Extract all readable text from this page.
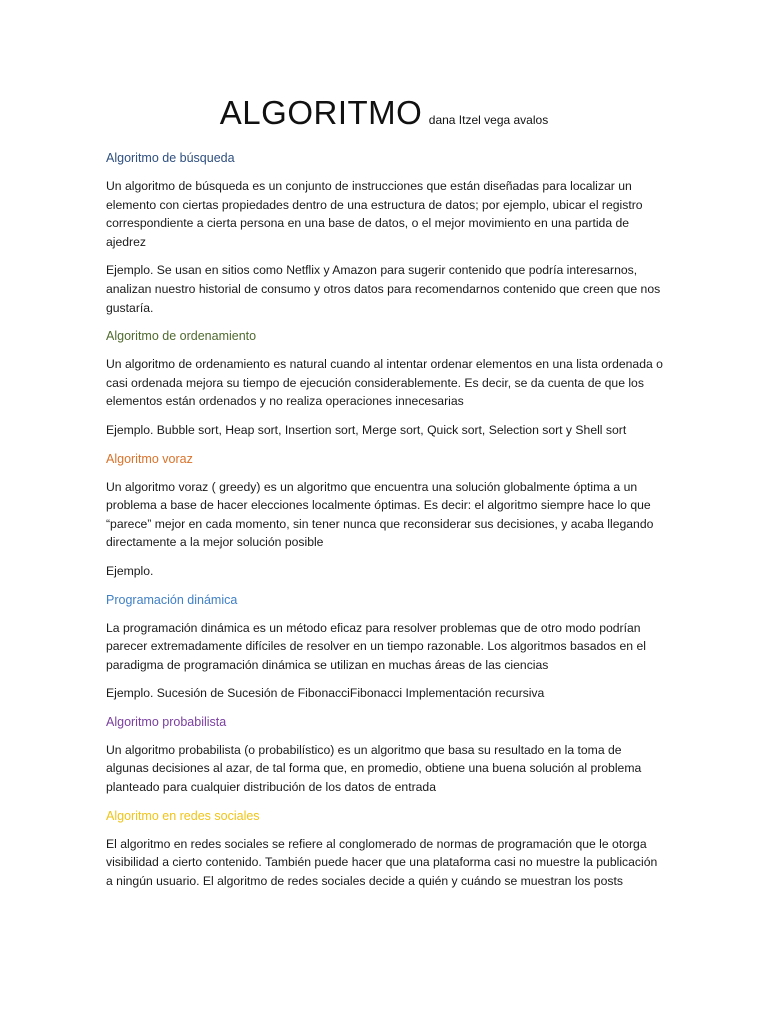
ALGORITMO dana Itzel vega avalos
Algoritmo de búsqueda

Un algoritmo de búsqueda es un conjunto de instrucciones que están diseñadas para localizar un elemento con ciertas propiedades dentro de una estructura de datos; por ejemplo, ubicar el registro correspondiente a cierta persona en una base de datos, o el mejor movimiento en una partida de ajedrez

Ejemplo. Se usan en sitios como Netflix y Amazon para sugerir contenido que podría interesarnos, analizan nuestro historial de consumo y otros datos para recomendarnos contenido que creen que nos gustaría.

Algoritmo de ordenamiento

Un algoritmo de ordenamiento es natural cuando al intentar ordenar elementos en una lista ordenada o casi ordenada mejora su tiempo de ejecución considerablemente. Es decir, se da cuenta de que los elementos están ordenados y no realiza operaciones innecesarias

Ejemplo. Bubble sort, Heap sort, Insertion sort, Merge sort, Quick sort, Selection sort y Shell sort

Algoritmo voraz

Un algoritmo voraz ( greedy) es un algoritmo que encuentra una solución globalmente óptima a un problema a base de hacer elecciones localmente óptimas. Es decir: el algoritmo siempre hace lo que “parece” mejor en cada momento, sin tener nunca que reconsiderar sus decisiones, y acaba llegando directamente a la mejor solución posible

Ejemplo.

Programación dinámica

La programación dinámica es un método eficaz para resolver problemas que de otro modo podrían parecer extremadamente difíciles de resolver en un tiempo razonable. Los algoritmos basados en el paradigma de programación dinámica se utilizan en muchas áreas de las ciencias

Ejemplo. Sucesión de Sucesión de FibonacciFibonacci Implementación recursiva

Algoritmo probabilista

Un algoritmo probabilista (o probabilístico) es un algoritmo que basa su resultado en la toma de algunas decisiones al azar, de tal forma que, en promedio, obtiene una buena solución al problema planteado para cualquier distribución de los datos de entrada

Algoritmo en redes sociales

El algoritmo en redes sociales se refiere al conglomerado de normas de programación que le otorga visibilidad a cierto contenido. También puede hacer que una plataforma casi no muestre la publicación a ningún usuario. El algoritmo de redes sociales decide a quién y cuándo se muestran los posts
